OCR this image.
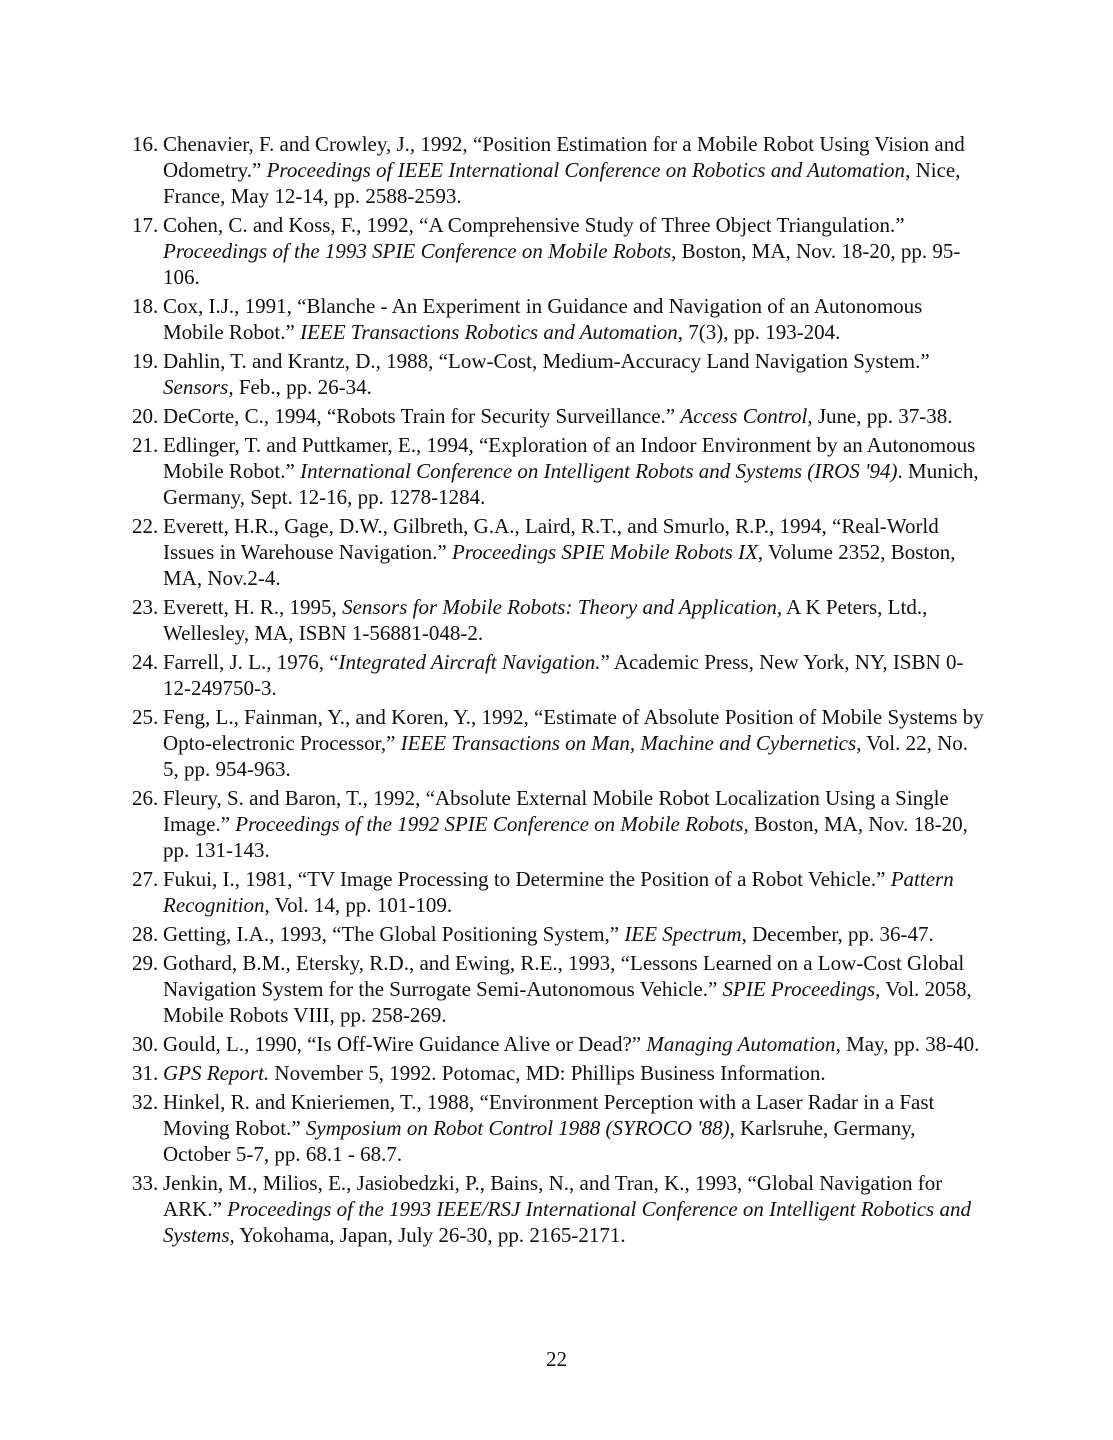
16. Chenavier, F. and Crowley, J., 1992, “Position Estimation for a Mobile Robot Using Vision and Odometry.” Proceedings of IEEE International Conference on Robotics and Automation, Nice, France, May 12-14, pp. 2588-2593.
17. Cohen, C. and Koss, F., 1992, “A Comprehensive Study of Three Object Triangulation.” Proceedings of the 1993 SPIE Conference on Mobile Robots, Boston, MA, Nov. 18-20, pp. 95-106.
18. Cox, I.J., 1991, “Blanche - An Experiment in Guidance and Navigation of an Autonomous Mobile Robot.” IEEE Transactions Robotics and Automation, 7(3), pp. 193-204.
19. Dahlin, T. and Krantz, D., 1988, “Low-Cost, Medium-Accuracy Land Navigation System.” Sensors, Feb., pp. 26-34.
20. DeCorte, C., 1994, “Robots Train for Security Surveillance.” Access Control, June, pp. 37-38.
21. Edlinger, T. and Puttkamer, E., 1994, “Exploration of an Indoor Environment by an Autonomous Mobile Robot.” International Conference on Intelligent Robots and Systems (IROS '94). Munich, Germany, Sept. 12-16, pp. 1278-1284.
22. Everett, H.R., Gage, D.W., Gilbreth, G.A., Laird, R.T., and Smurlo, R.P., 1994, “Real-World Issues in Warehouse Navigation.” Proceedings SPIE Mobile Robots IX, Volume 2352, Boston, MA, Nov.2-4.
23. Everett, H. R., 1995, Sensors for Mobile Robots: Theory and Application, A K Peters, Ltd., Wellesley, MA, ISBN 1-56881-048-2.
24. Farrell, J. L., 1976, “Integrated Aircraft Navigation.” Academic Press, New York, NY, ISBN 0-12-249750-3.
25. Feng, L., Fainman, Y., and Koren, Y., 1992, “Estimate of Absolute Position of Mobile Systems by Opto-electronic Processor,” IEEE Transactions on Man, Machine and Cybernetics, Vol. 22, No. 5, pp. 954-963.
26. Fleury, S. and Baron, T., 1992, “Absolute External Mobile Robot Localization Using a Single Image.” Proceedings of the 1992 SPIE Conference on Mobile Robots, Boston, MA, Nov. 18-20, pp. 131-143.
27. Fukui, I., 1981, “TV Image Processing to Determine the Position of a Robot Vehicle.” Pattern Recognition, Vol. 14, pp. 101-109.
28. Getting, I.A., 1993, “The Global Positioning System,” IEE Spectrum, December, pp. 36-47.
29. Gothard, B.M., Etersky, R.D., and Ewing, R.E., 1993, “Lessons Learned on a Low-Cost Global Navigation System for the Surrogate Semi-Autonomous Vehicle.” SPIE Proceedings, Vol. 2058, Mobile Robots VIII, pp. 258-269.
30. Gould, L., 1990, “Is Off-Wire Guidance Alive or Dead?” Managing Automation, May, pp. 38-40.
31. GPS Report. November 5, 1992. Potomac, MD: Phillips Business Information.
32. Hinkel, R. and Knieriemen, T., 1988, “Environment Perception with a Laser Radar in a Fast Moving Robot.” Symposium on Robot Control 1988 (SYROCO '88), Karlsruhe, Germany, October 5-7, pp. 68.1 - 68.7.
33. Jenkin, M., Milios, E., Jasiobedzki, P., Bains, N., and Tran, K., 1993, “Global Navigation for ARK.” Proceedings of the 1993 IEEE/RSJ International Conference on Intelligent Robotics and Systems, Yokohama, Japan, July 26-30, pp. 2165-2171.
22
